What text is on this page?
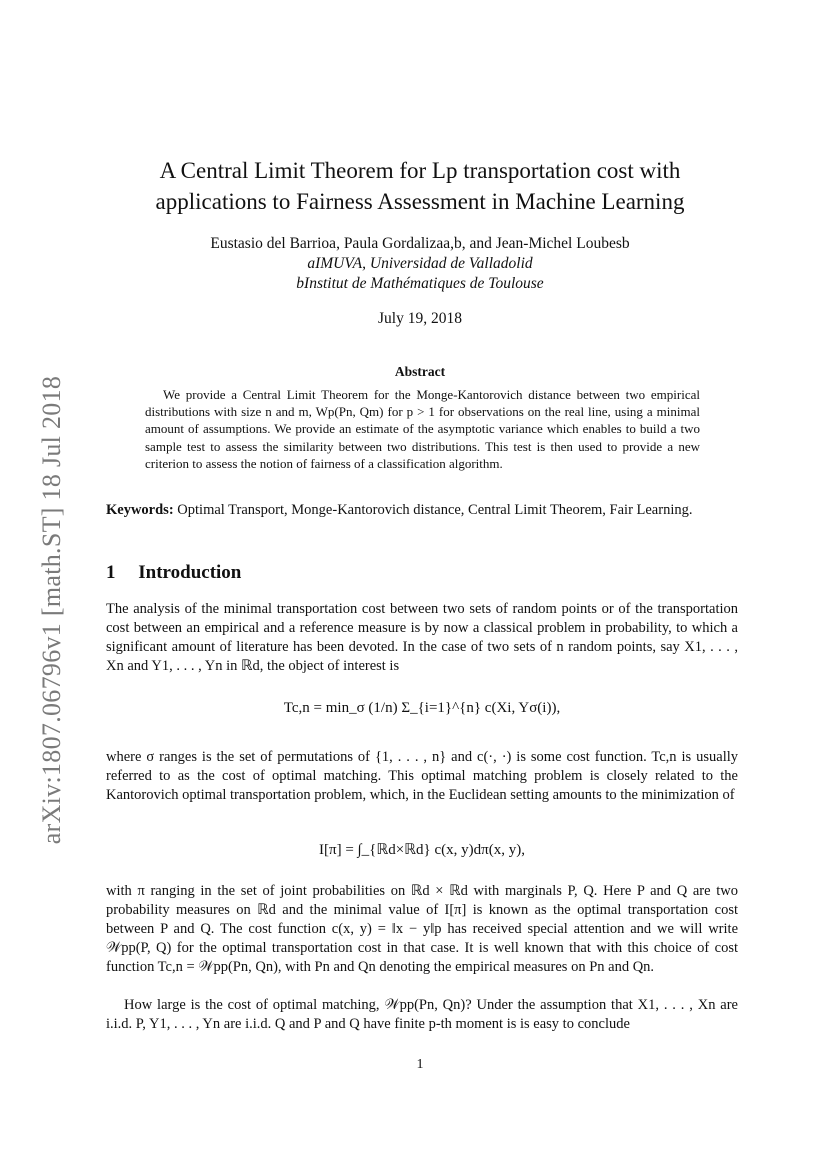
arXiv:1807.06796v1 [math.ST] 18 Jul 2018
A Central Limit Theorem for Lp transportation cost with
applications to Fairness Assessment in Machine Learning
Eustasio del Barrioa, Paula Gordalizaa,b, and Jean-Michel Loubesb
aIMUVA, Universidad de Valladolid
bInstitut de Mathématiques de Toulouse
July 19, 2018
Abstract
We provide a Central Limit Theorem for the Monge-Kantorovich distance between two empirical distributions with size n and m, Wp(Pn, Qm) for p > 1 for observations on the real line, using a minimal amount of assumptions. We provide an estimate of the asymptotic variance which enables to build a two sample test to assess the similarity between two distributions. This test is then used to provide a new criterion to assess the notion of fairness of a classification algorithm.
Keywords: Optimal Transport, Monge-Kantorovich distance, Central Limit Theorem, Fair Learning.
1 Introduction
The analysis of the minimal transportation cost between two sets of random points or of the transportation cost between an empirical and a reference measure is by now a classical problem in probability, to which a significant amount of literature has been devoted. In the case of two sets of n random points, say X1, . . . , Xn and Y1, . . . , Yn in ℝd, the object of interest is
Tc,n = min_σ (1/n) Σ_{i=1}^{n} c(Xi, Yσ(i)),
where σ ranges is the set of permutations of {1, . . . , n} and c(·, ·) is some cost function. Tc,n is usually referred to as the cost of optimal matching. This optimal matching problem is closely related to the Kantorovich optimal transportation problem, which, in the Euclidean setting amounts to the minimization of
I[π] = ∫_{ℝd×ℝd} c(x, y)dπ(x, y),
with π ranging in the set of joint probabilities on ℝd × ℝd with marginals P, Q. Here P and Q are two probability measures on ℝd and the minimal value of I[π] is known as the optimal transportation cost between P and Q. The cost function c(x, y) = ‖x − y‖p has received special attention and we will write 𝒲pp(P, Q) for the optimal transportation cost in that case. It is well known that with this choice of cost function Tc,n = 𝒲pp(Pn, Qn), with Pn and Qn denoting the empirical measures on Pn and Qn.
How large is the cost of optimal matching, 𝒲pp(Pn, Qn)? Under the assumption that X1, . . . , Xn are i.i.d. P, Y1, . . . , Yn are i.i.d. Q and P and Q have finite p-th moment is is easy to conclude
1
